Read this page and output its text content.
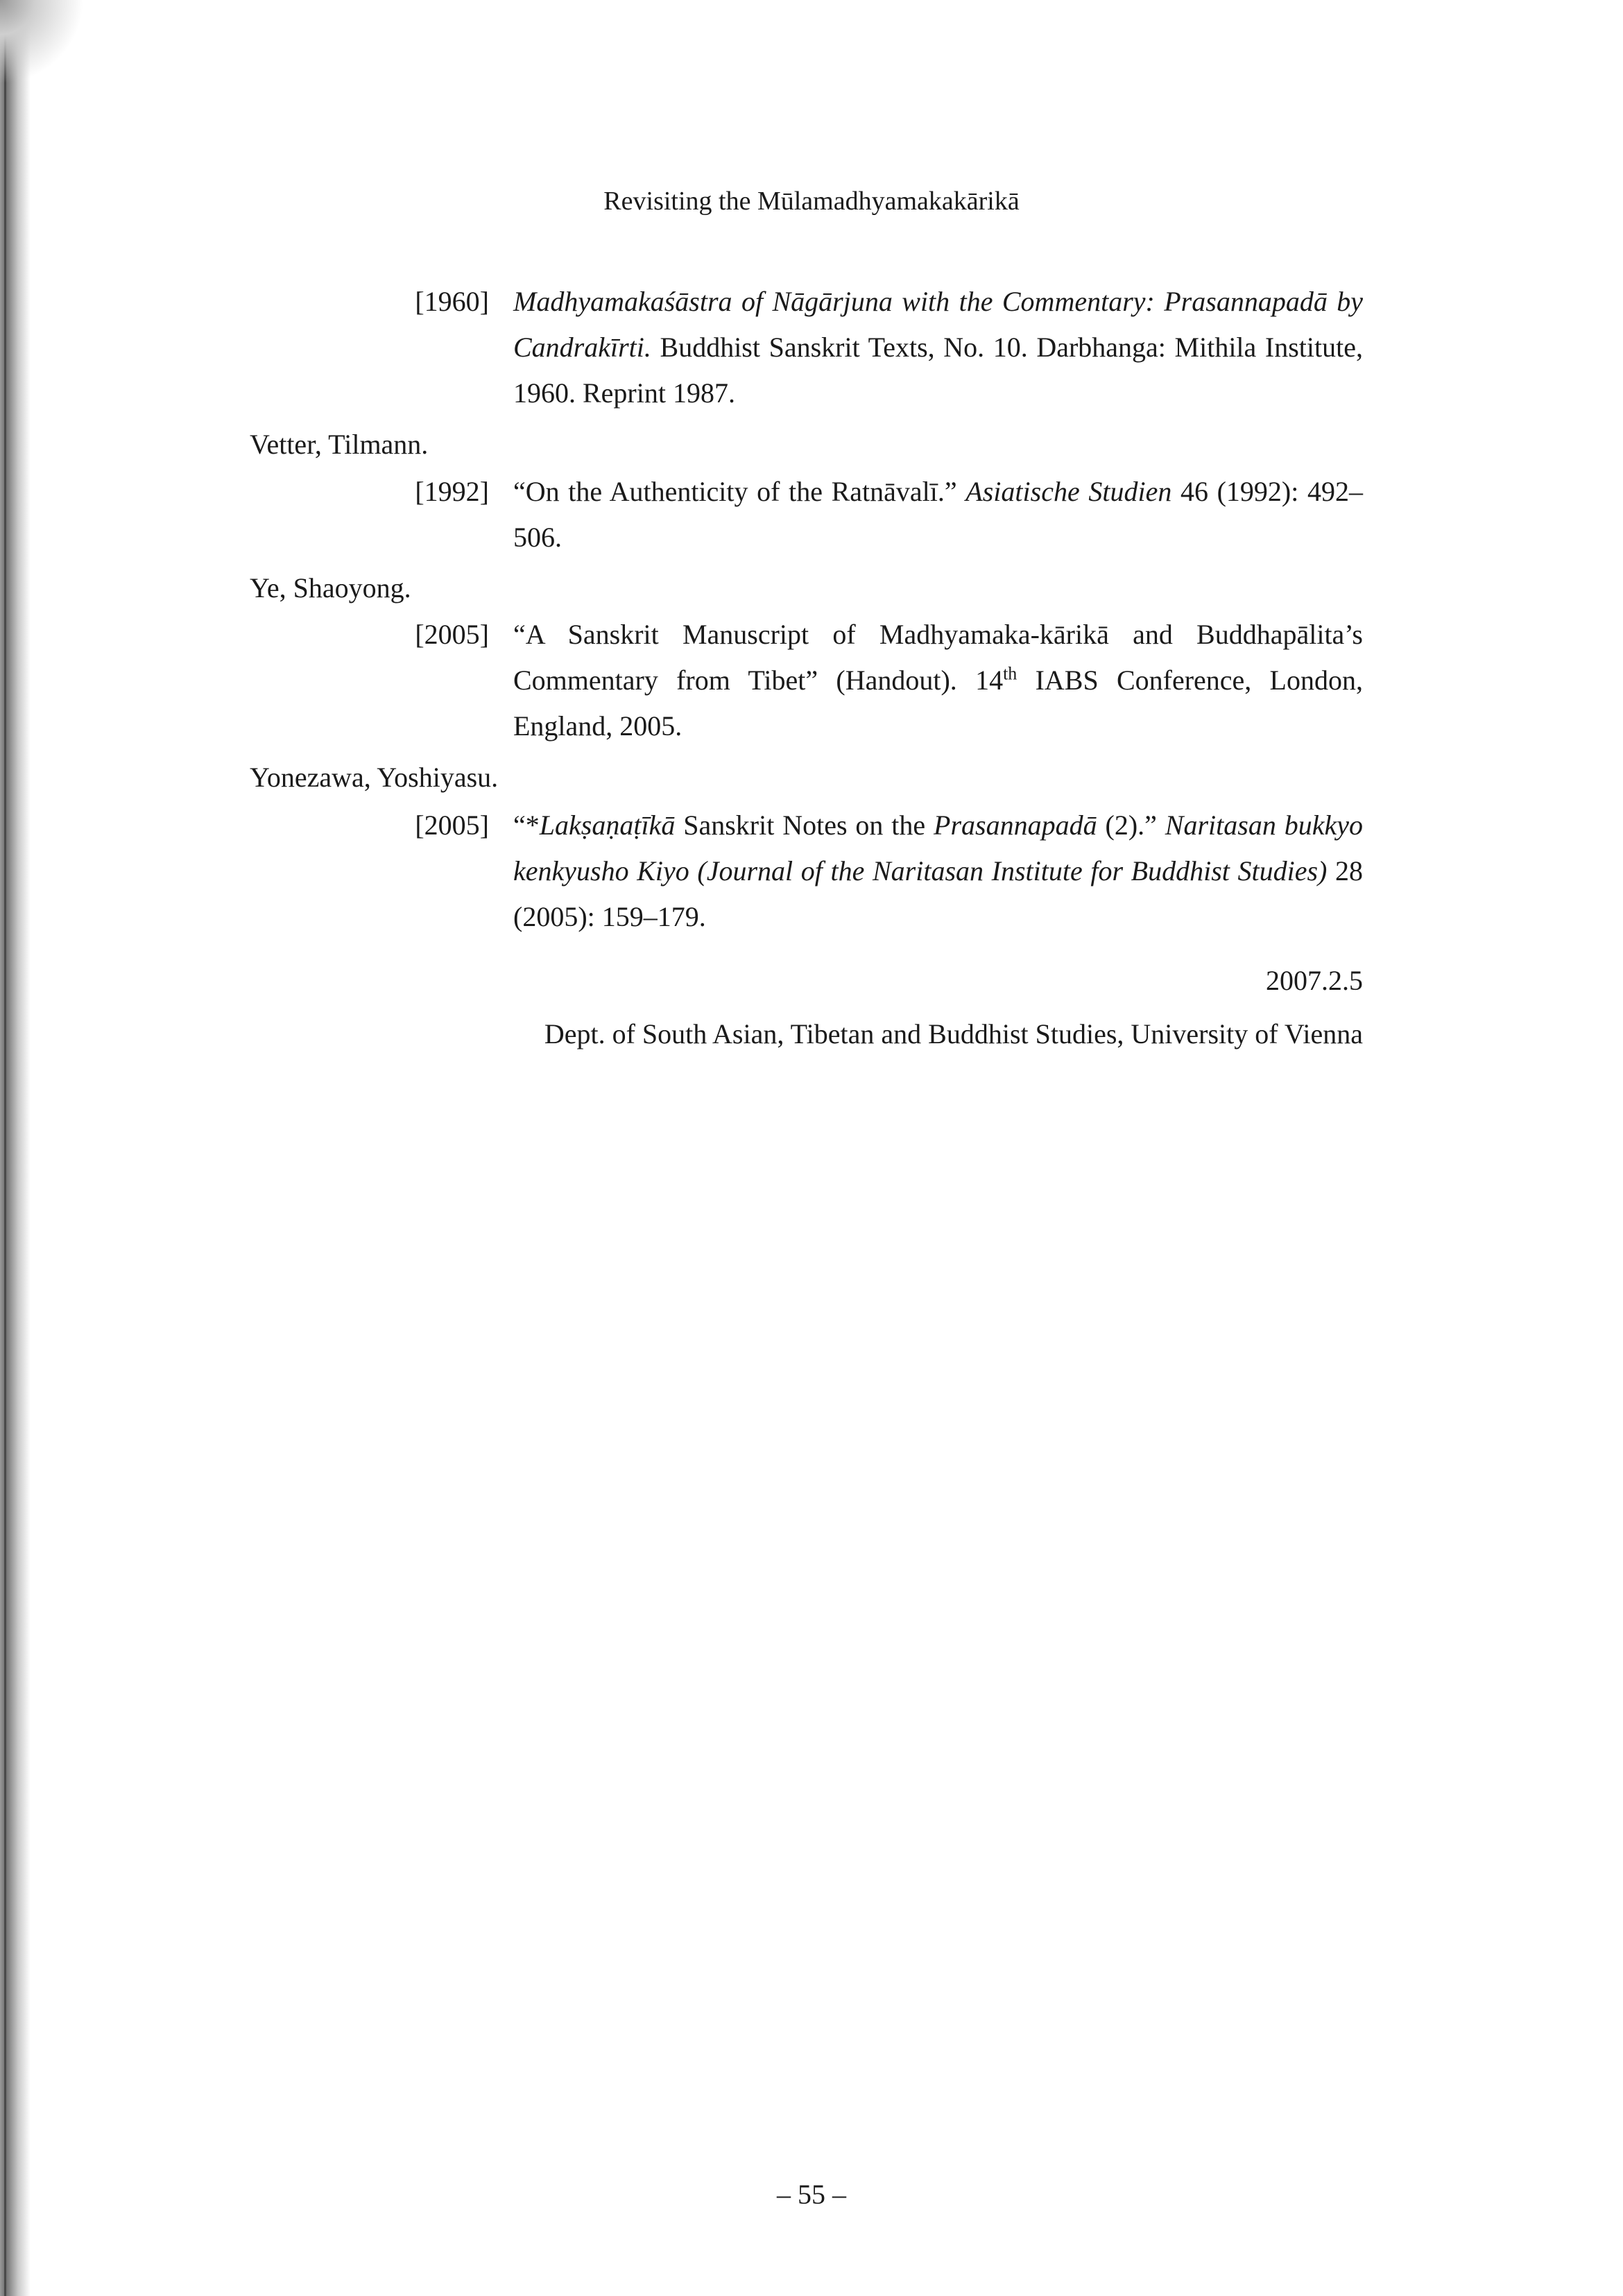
Revisiting the Mūlamadhyamakakārikā
[1960] Madhyamakaśāstra of Nāgārjuna with the Commentary: Prasannapadā by Candrakīrti. Buddhist Sanskrit Texts, No. 10. Darbhanga: Mithila Institute, 1960. Reprint 1987.
Vetter, Tilmann.
[1992] “On the Authenticity of the Ratnāvalī.” Asiatische Studien 46 (1992): 492–506.
Ye, Shaoyong.
[2005] “A Sanskrit Manuscript of Madhyamaka-kārikā and Buddhapālita’s Commentary from Tibet” (Handout). 14th IABS Conference, London, England, 2005.
Yonezawa, Yoshiyasu.
[2005] “*Lakṣaṇaṭīkā Sanskrit Notes on the Prasannapadā (2).” Naritasan bukkyo kenkyusho Kiyo (Journal of the Naritasan Institute for Buddhist Studies) 28 (2005): 159–179.
2007.2.5
Dept. of South Asian, Tibetan and Buddhist Studies, University of Vienna
– 55 –
